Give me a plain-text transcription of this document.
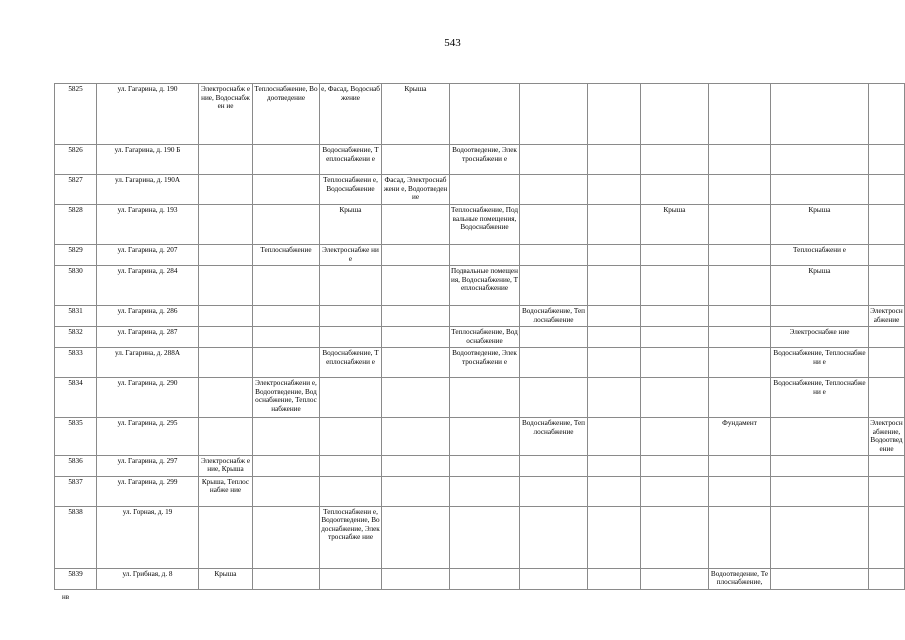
543
5825	ул. Гагарина, д. 190	Электроснабж ение, Водоснабжен ие	Теплоснабжение, Водоотведение	е, Фасад, Водоснабжение	Крыша							
5826	ул. Гагарина, д. 190 Б			Водоснабжение, Теплоснабжени е		Водоотведение, Электроснабжени е						
5827	ул. Гагарина, д. 190А			Теплоснабжени е, Водоснабжение	Фасад, Электроснабжени е, Водоотведение							
5828	ул. Гагарина, д. 193			Крыша		Теплоснабжение, Подвальные помещения, Водоснабжение			Крыша		Крыша	
5829	ул. Гагарина, д. 207		Теплоснабжение	Электроснабже ние							Теплоснабжени е	
5830	ул. Гагарина, д. 284					Подвальные помещения, Водоснабжение, Теплоснабжение					Крыша	
5831	ул. Гагарина, д. 286						Водоснабжение, Теплоснабжение					Электроснабжение
5832	ул. Гагарина, д. 287					Теплоснабжение, Водоснабжение					Электроснабже ние	
5833	ул. Гагарина, д. 288А			Водоснабжение, Теплоснабжени е		Водоотведение, Электроснабжени е					Водоснабжение, Теплоснабжени е	
5834	ул. Гагарина, д. 290		Электроснабжени е, Водоотведение, Водоснабжение, Теплоснабжение								Водоснабжение, Теплоснабжени е	
5835	ул. Гагарина, д. 295						Водоснабжение, Теплоснабжение			Фундамент		Электроснабжение, Водоотведение
5836	ул. Гагарина, д. 297	Электроснабж ение, Крыша										
5837	ул. Гагарина, д. 299	Крыша, Теплоснабже ние										
5838	ул. Горная, д. 19			Теплоснабжени е, Водоотведение, Водоснабжение, Электроснабже ние								
5839	ул. Грибная, д. 8	Крыша								Водоотведение, Теплоснабжение,		
нв
